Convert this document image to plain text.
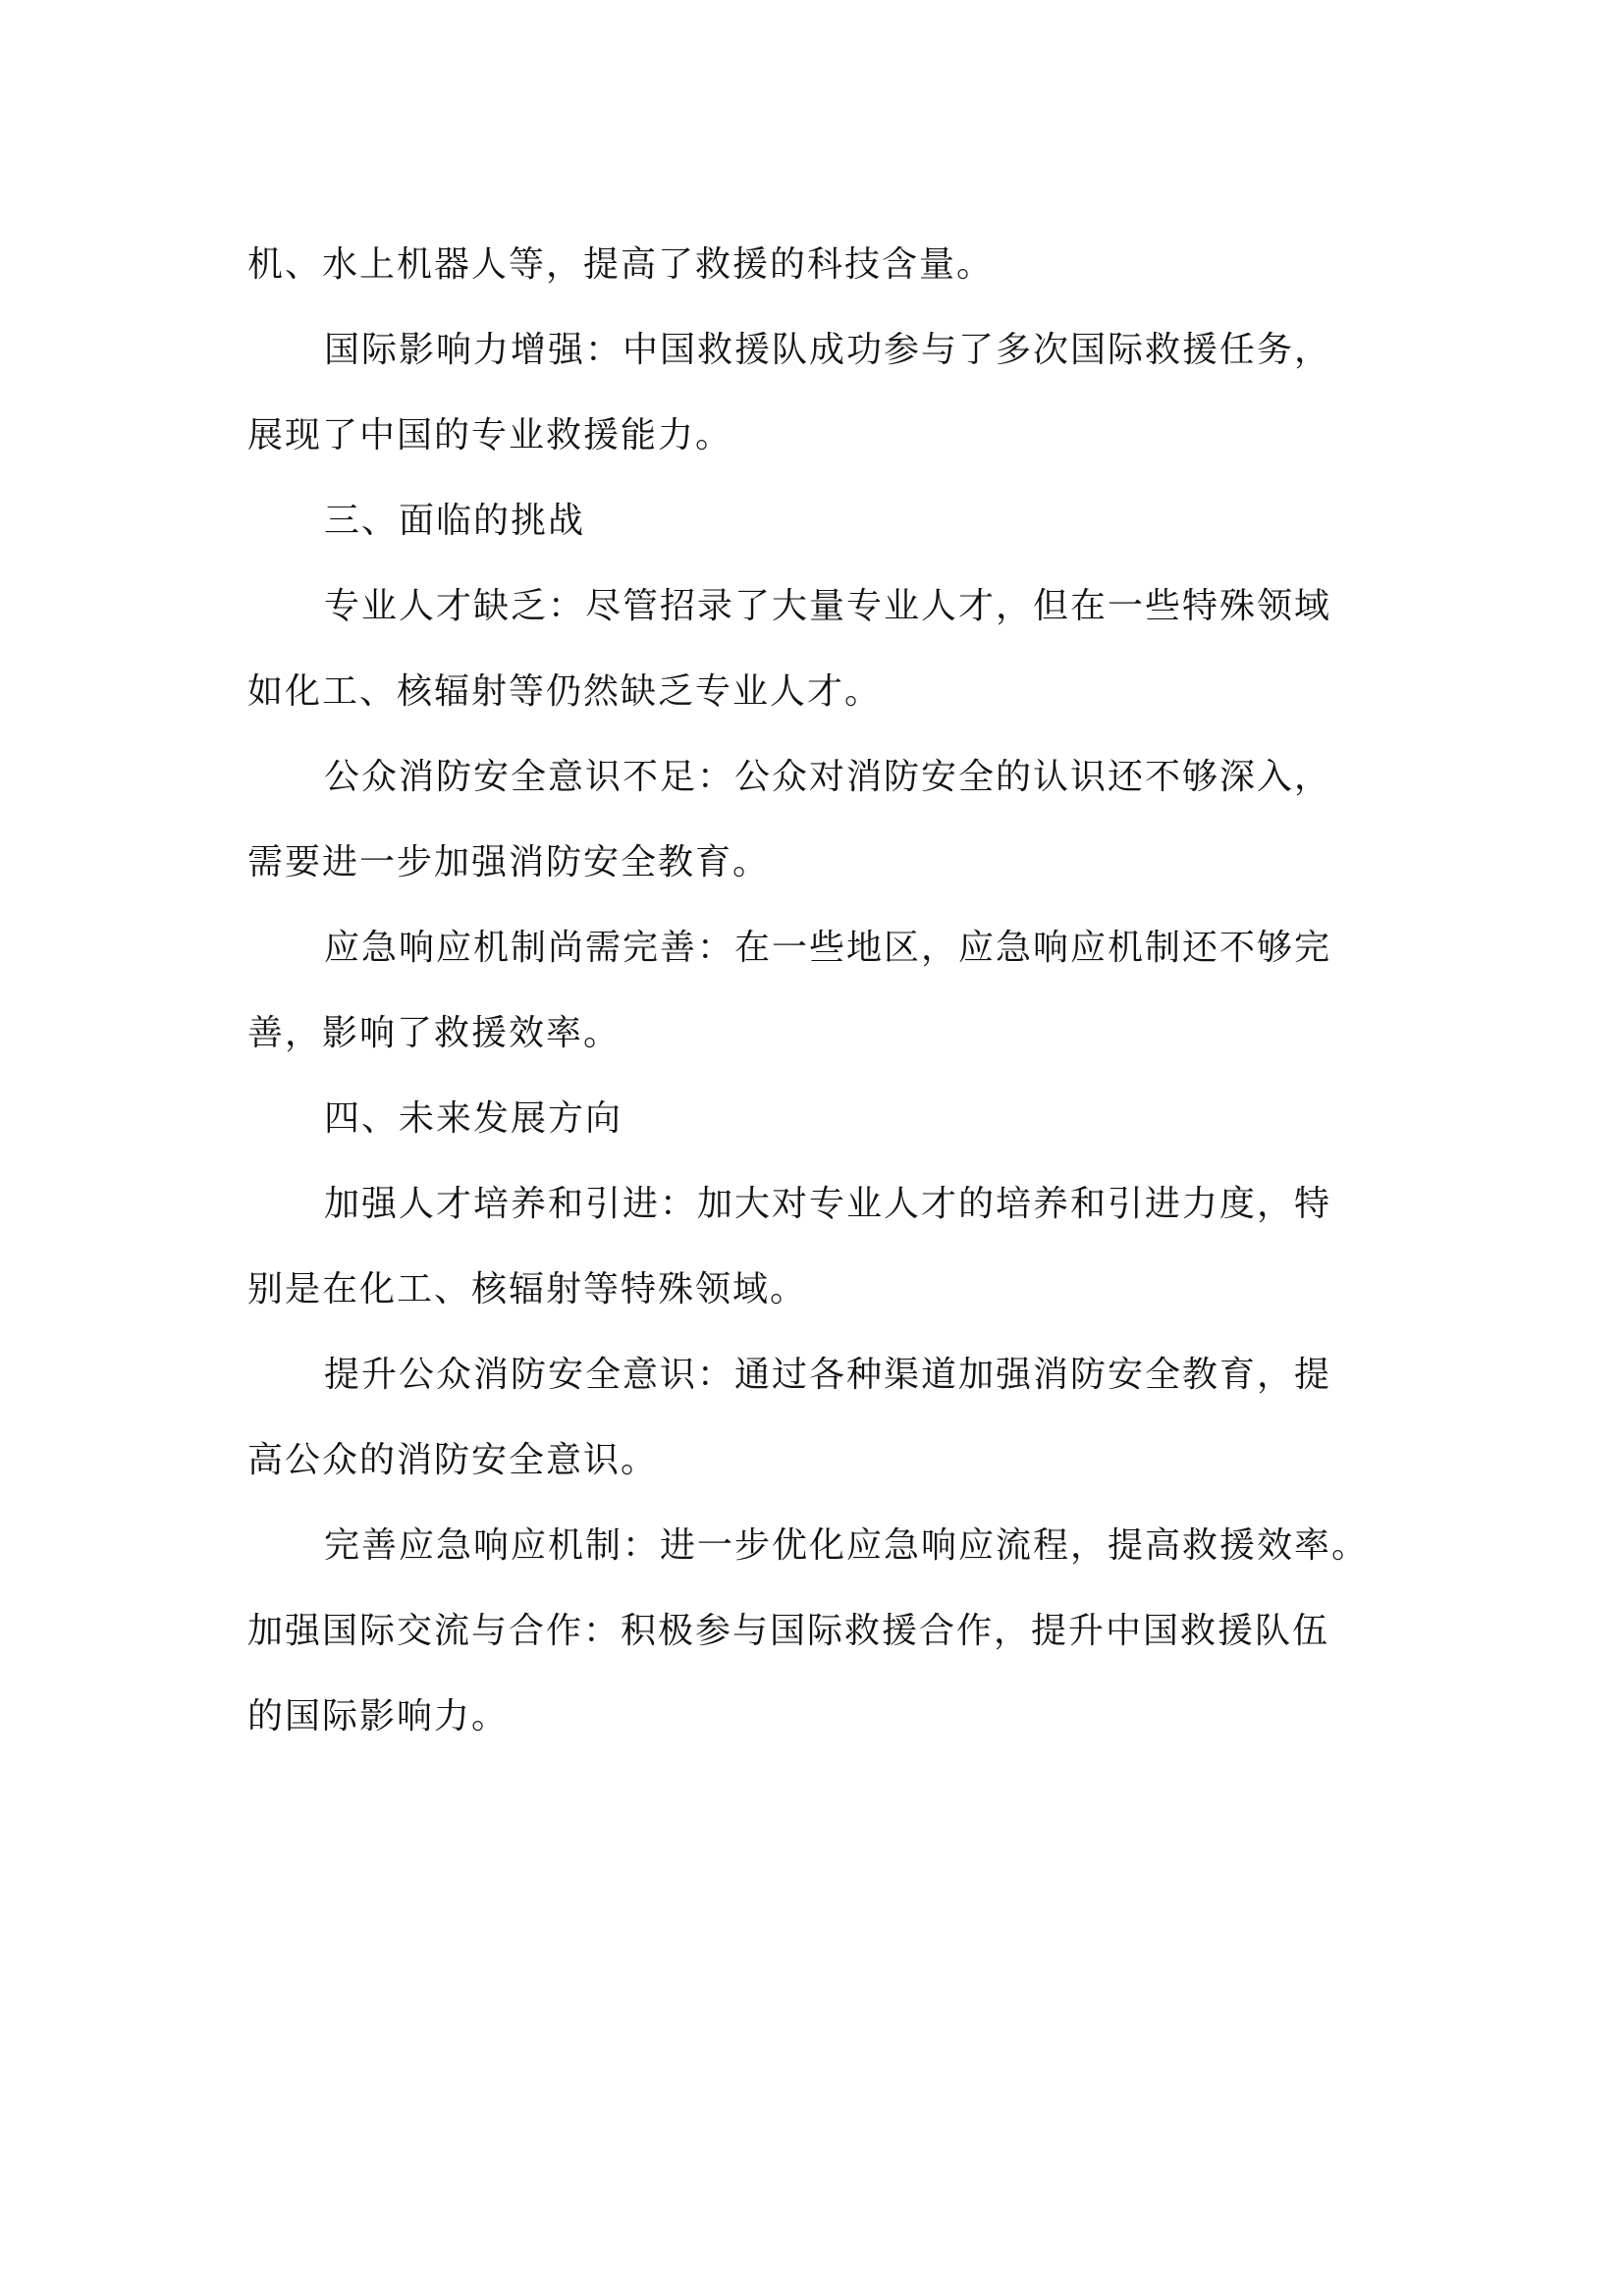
机、水上机器人等，提高了救援的科技含量。
国际影响力增强：中国救援队成功参与了多次国际救援任务，
展现了中国的专业救援能力。
三、面临的挑战
专业人才缺乏：尽管招录了大量专业人才，但在一些特殊领域
如化工、核辐射等仍然缺乏专业人才。
公众消防安全意识不足：公众对消防安全的认识还不够深入，
需要进一步加强消防安全教育。
应急响应机制尚需完善：在一些地区，应急响应机制还不够完
善，影响了救援效率。
四、未来发展方向
加强人才培养和引进：加大对专业人才的培养和引进力度，特
别是在化工、核辐射等特殊领域。
提升公众消防安全意识：通过各种渠道加强消防安全教育，提
高公众的消防安全意识。
完善应急响应机制：进一步优化应急响应流程，提高救援效率。
加强国际交流与合作：积极参与国际救援合作，提升中国救援队伍
的国际影响力。
